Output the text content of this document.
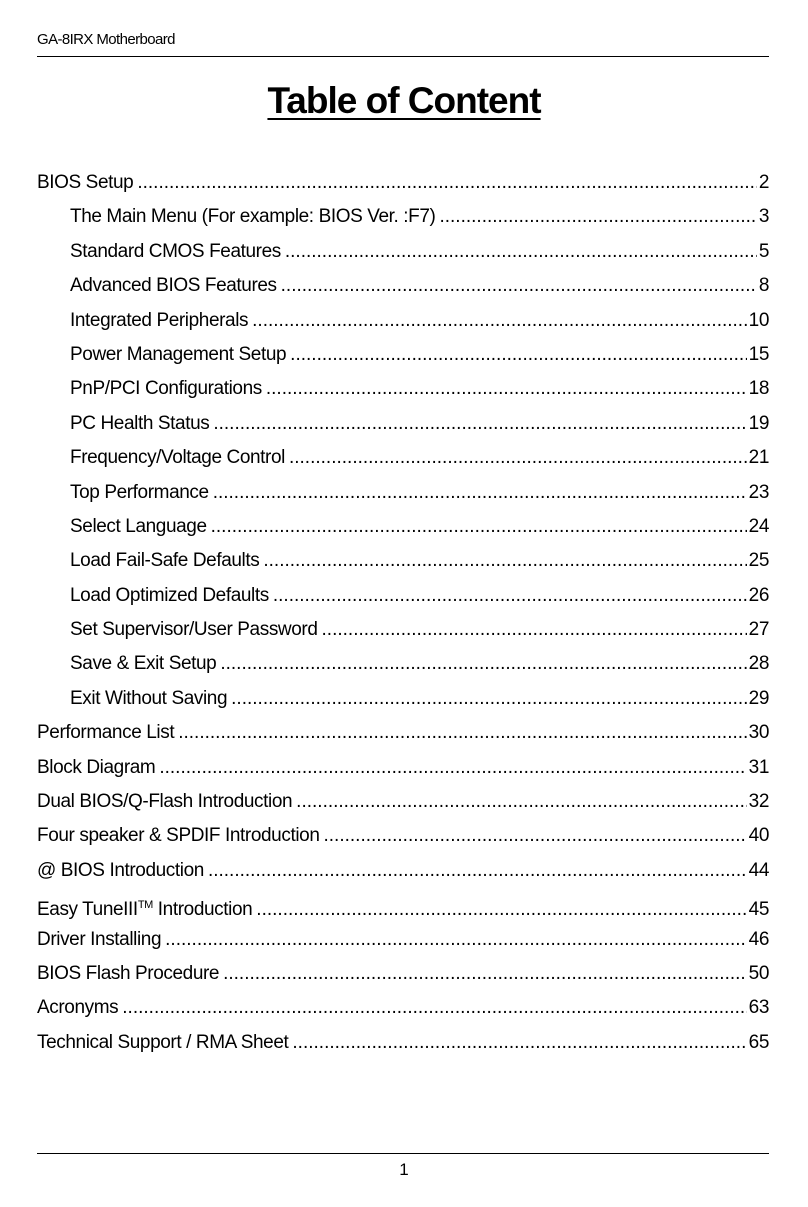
GA-8IRX Motherboard
Table of Content
BIOS Setup .....	2
The Main Menu (For example: BIOS Ver. :F7) .....	3
Standard CMOS Features .....	5
Advanced BIOS Features .....	8
Integrated Peripherals .....	10
Power Management Setup .....	15
PnP/PCI Configurations .....	18
PC Health Status .....	19
Frequency/Voltage Control .....	21
Top Performance .....	23
Select Language .....	24
Load Fail-Safe Defaults .....	25
Load Optimized Defaults .....	26
Set Supervisor/User Password .....	27
Save & Exit Setup .....	28
Exit Without Saving .....	29
Performance List .....	30
Block Diagram .....	31
Dual BIOS/Q-Flash Introduction .....	32
Four speaker & SPDIF Introduction .....	40
@ BIOS Introduction .....	44
Easy TuneIII™ Introduction .....	45
Driver Installing .....	46
BIOS Flash Procedure .....	50
Acronyms .....	63
Technical Support / RMA Sheet .....	65
1
